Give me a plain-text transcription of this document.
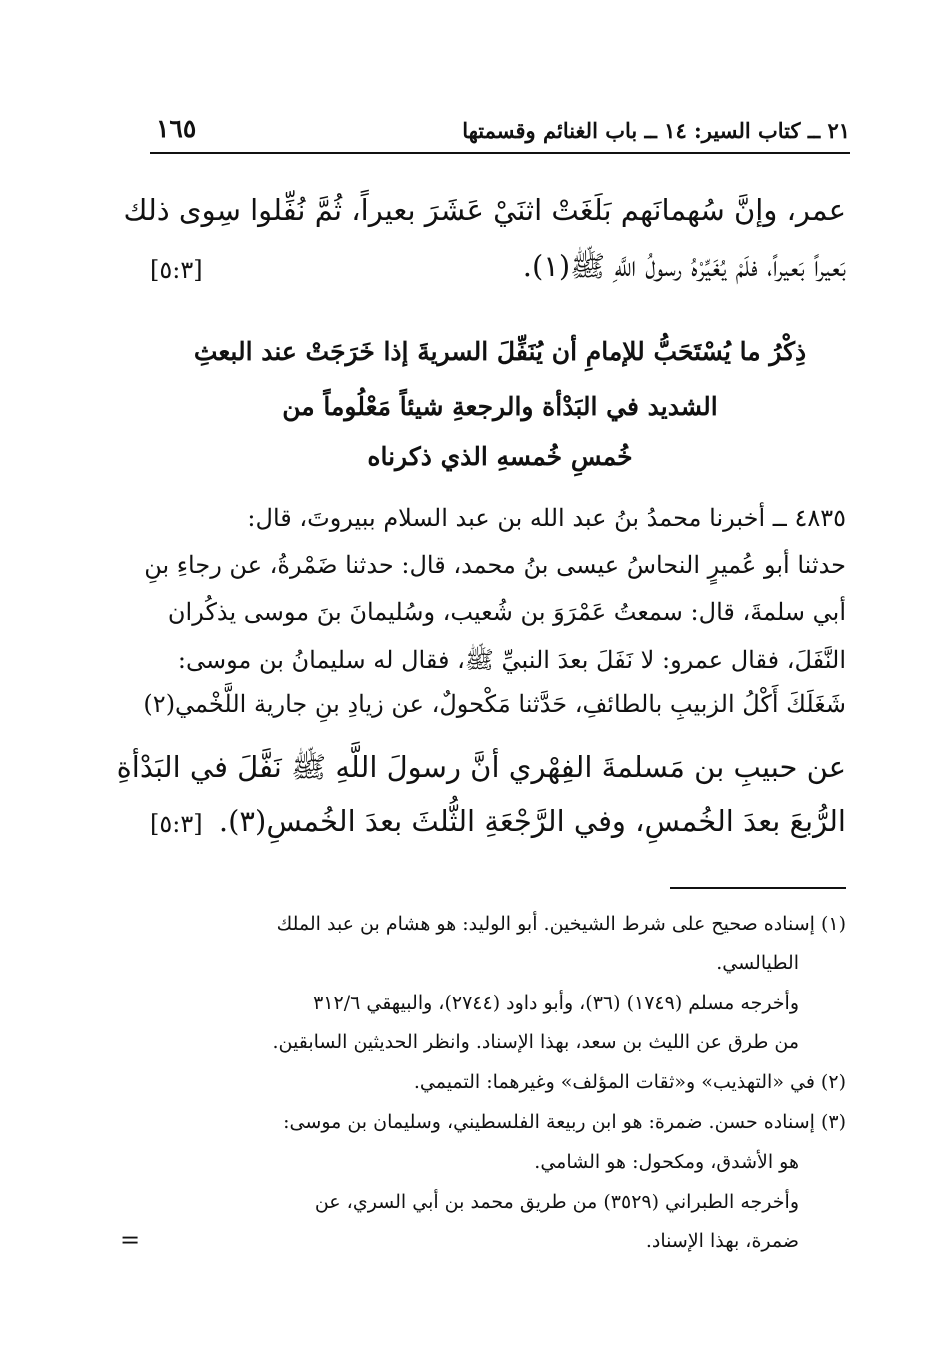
٢١ ــ كتاب السير: ١٤ ــ باب الغنائم وقسمتها
١٦٥
عمر، وإنَّ سُهمانَهم بَلَغَتْ اثنَيْ عَشَرَ بعيراً، ثُمَّ نُفِّلوا سِوى ذلك
بَعيراً بَعيراً، فلَمْ يُغَيِّرْهُ رسولُ اللَّهِ ﷺ(١).
[٥:٣]
ذِكْرُ ما يُسْتَحَبُّ للإمامِ أن يُنَفِّلَ السريةَ إذا خَرَجَتْ عند البعثِ
الشديد في البَدْأة والرجعةِ شيئاً مَعْلُوماً من
خُمسِ خُمسهِ الذي ذكرناه
٤٨٣٥ ــ أخبرنا محمدُ بنُ عبد الله بن عبد السلام ببيروتَ، قال:
حدثنا أبو عُميرٍ النحاسُ عيسى بنُ محمد، قال: حدثنا ضَمْرةُ، عن رجاءِ بنِ
أبي سلمةَ، قال: سمعتُ عَمْرَوَ بن شُعيب، وسُليمانَ بنَ موسى يذكُران
النَّفَلَ، فقال عمرو: لا نَفَلَ بعدَ النبيِّ ﷺ، فقال له سليمانُ بن موسى:
شَغَلَكَ أَكْلُ الزبيبِ بالطائفِ، حَدَّثنا مَكْحولٌ، عن زيادِ بنِ جارية اللَّخْمي(٢)
عن حبيبِ بن مَسلمةَ الفِهْري أنَّ رسولَ اللَّهِ ﷺ نَفَّلَ في البَدْأةِ
الرُّبعَ بعدَ الخُمسِ، وفي الرَّجْعَةِ الثُّلثَ بعدَ الخُمسِ(٣).
[٥:٣]
(١) إسناده صحيح على شرط الشيخين. أبو الوليد: هو هشام بن عبد الملك
الطيالسي.
وأخرجه مسلم (١٧٤٩) (٣٦)، وأبو داود (٢٧٤٤)، والبيهقي ٣١٢/٦
من طرق عن الليث بن سعد، بهذا الإسناد. وانظر الحديثين السابقين.
(٢) في «التهذيب» و«ثقات المؤلف» وغيرهما: التميمي.
(٣) إسناده حسن. ضمرة: هو ابن ربيعة الفلسطيني، وسليمان بن موسى:
هو الأشدق، ومكحول: هو الشامي.
وأخرجه الطبراني (٣٥٢٩) من طريق محمد بن أبي السري، عن
ضمرة، بهذا الإسناد.
=
